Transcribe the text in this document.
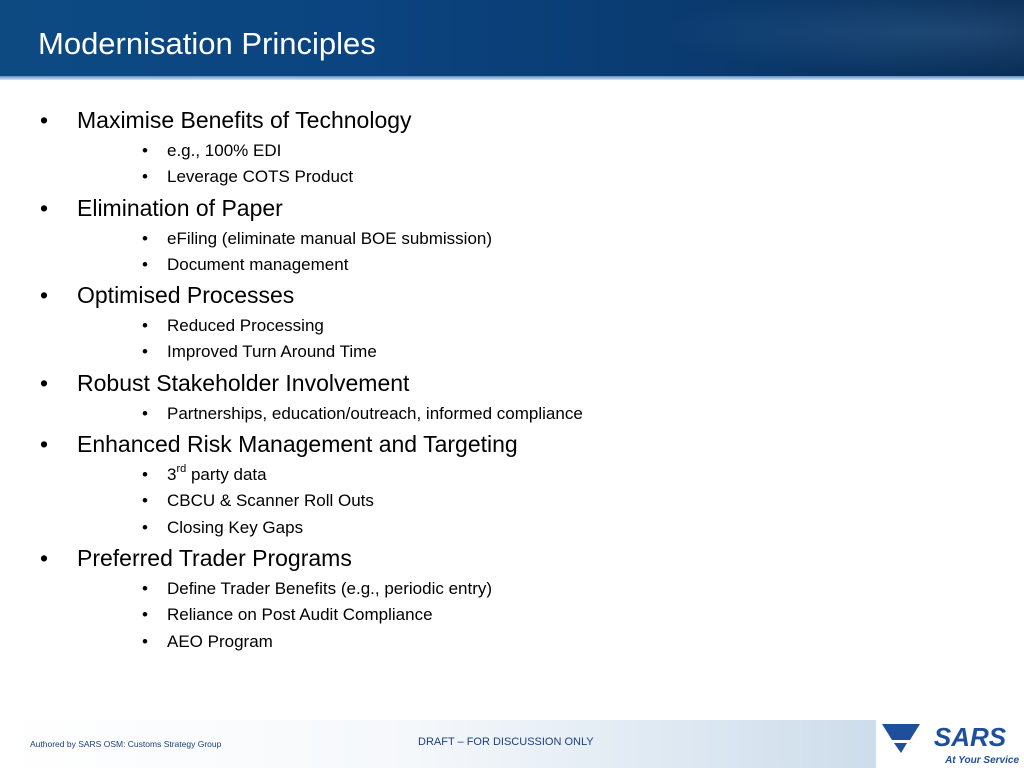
Modernisation Principles
• Maximise Benefits of Technology
• e.g., 100% EDI
• Leverage COTS Product
• Elimination of Paper
• eFiling (eliminate manual BOE submission)
• Document management
• Optimised Processes
• Reduced Processing
• Improved Turn Around Time
• Robust Stakeholder Involvement
• Partnerships, education/outreach, informed compliance
• Enhanced Risk Management and Targeting
• 3rd party data
• CBCU & Scanner Roll Outs
• Closing Key Gaps
• Preferred Trader Programs
• Define Trader Benefits (e.g., periodic entry)
• Reliance on Post Audit Compliance
• AEO Program
Authored by SARS OSM: Customs Strategy Group	DRAFT – FOR DISCUSSION ONLY	SARS
At Your Service
